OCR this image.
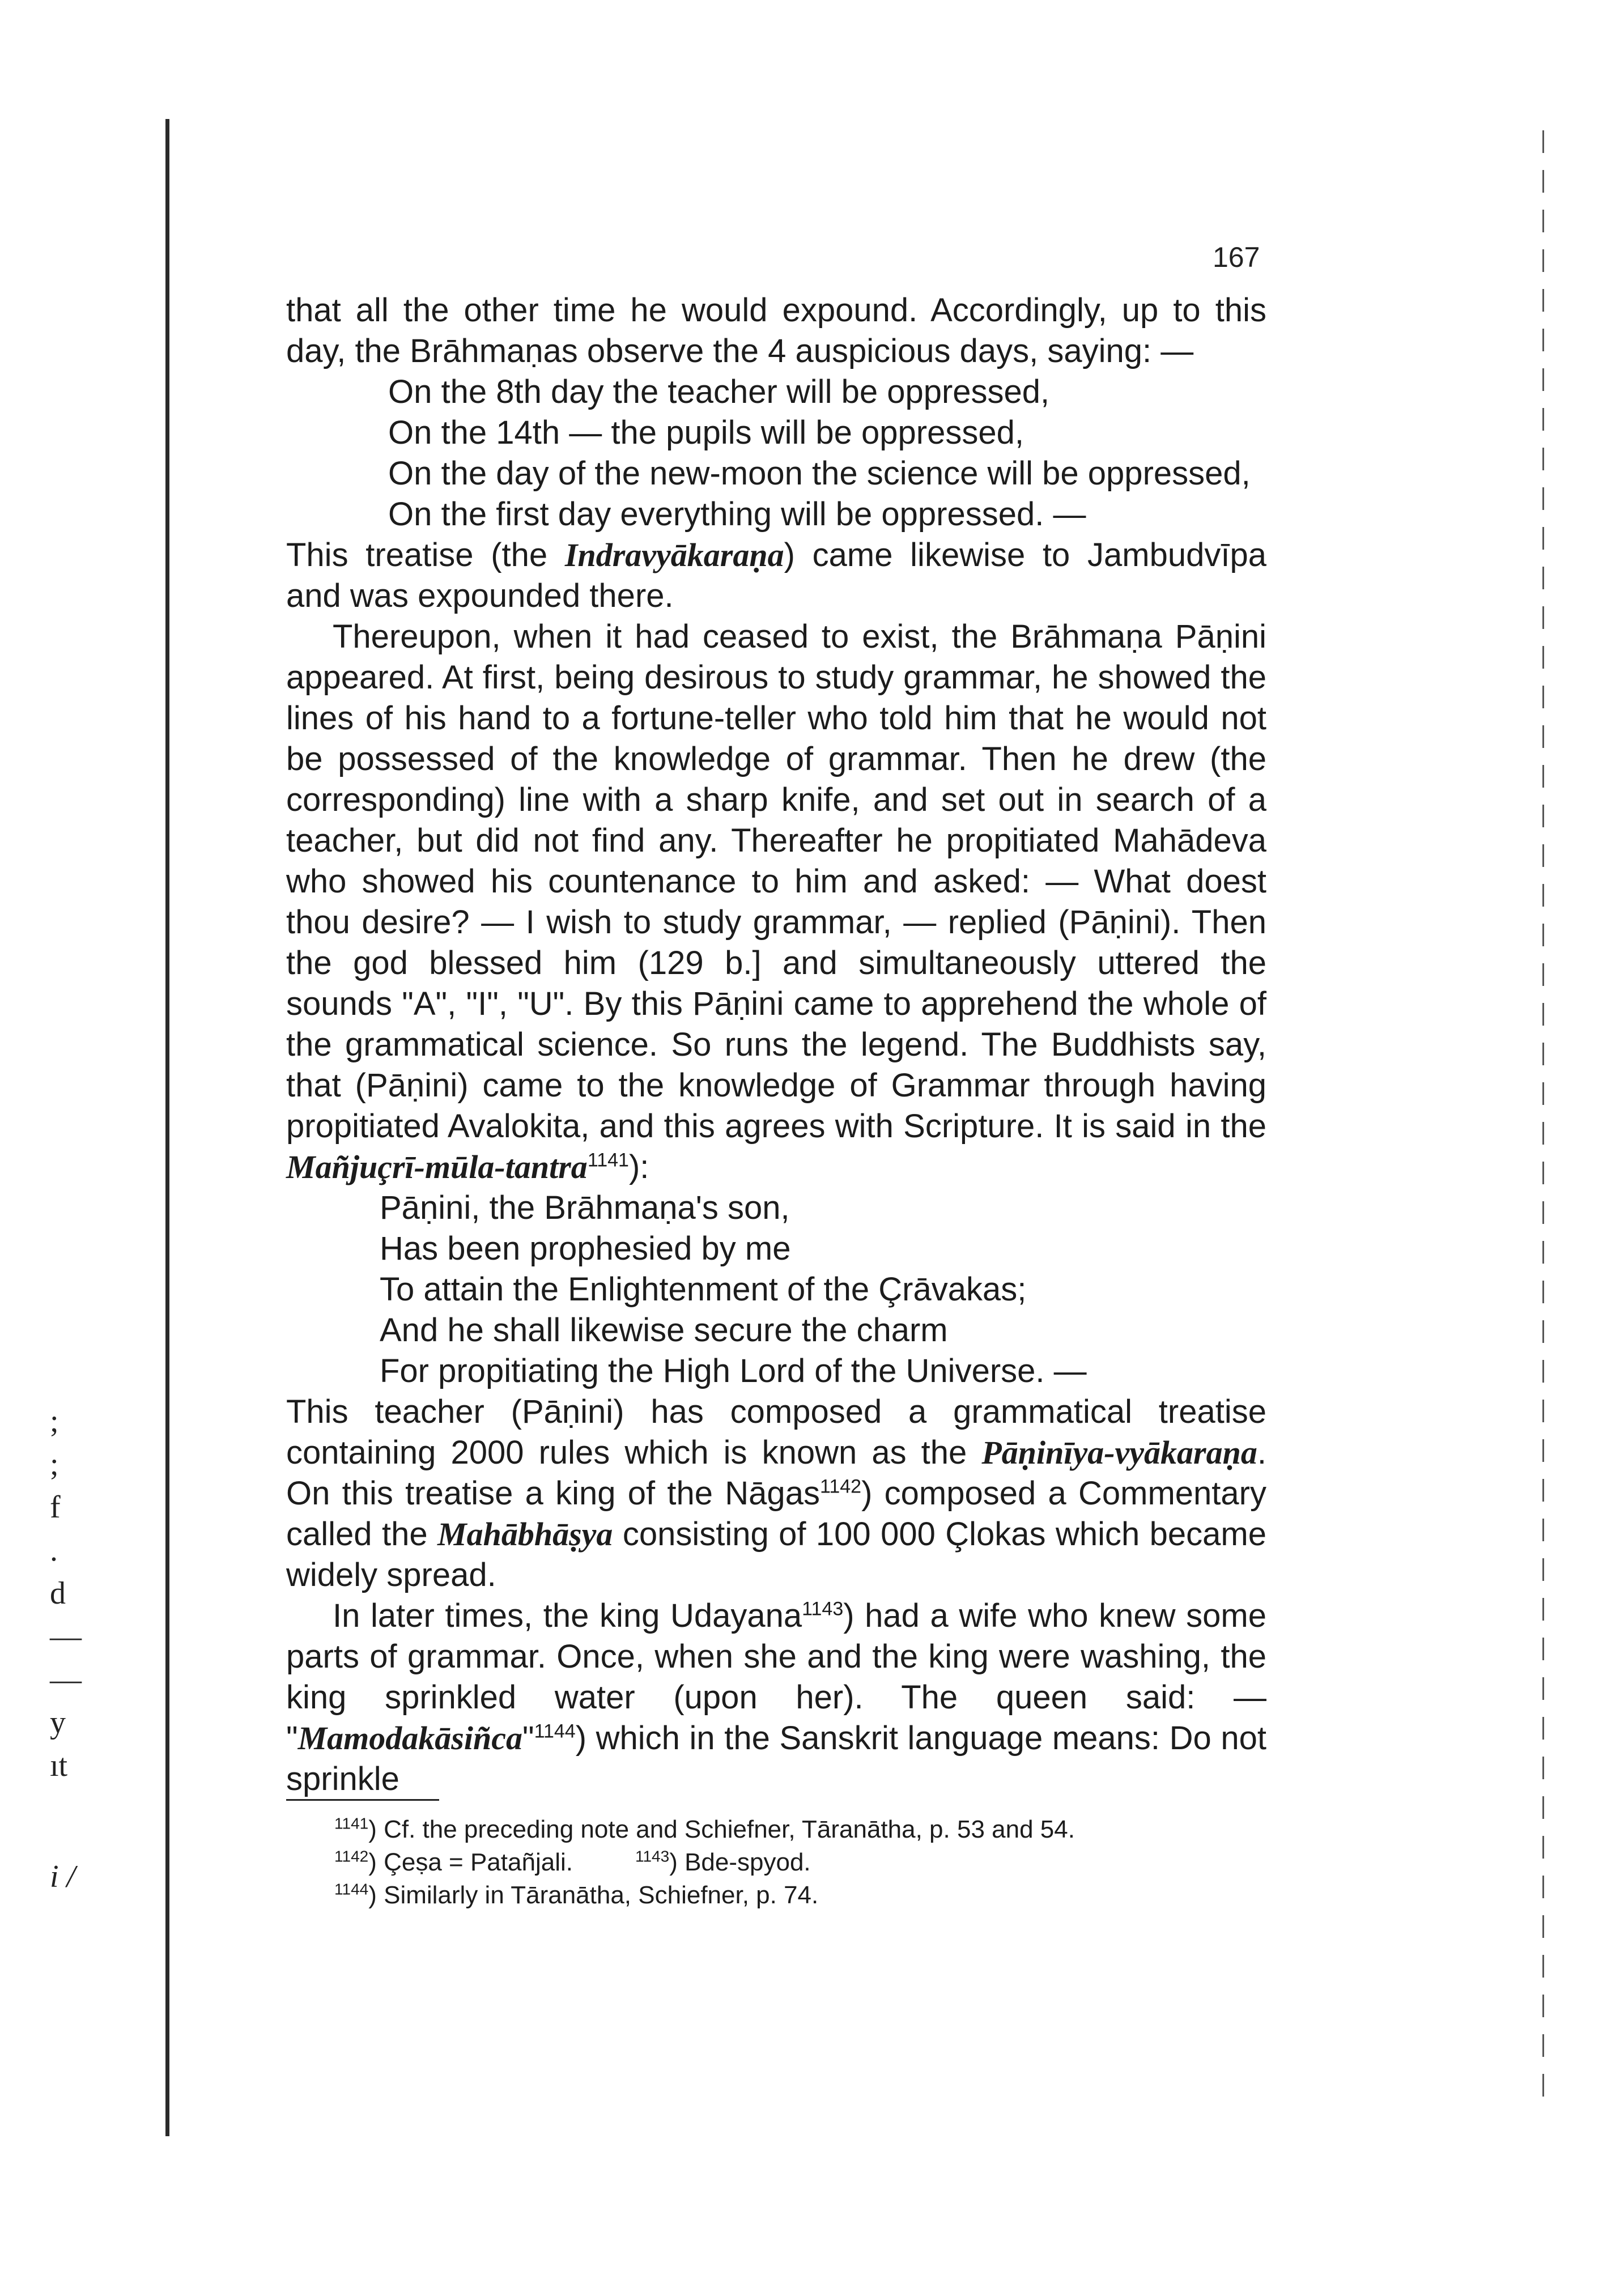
;
;
f
.
d
—
—
y
ıt
i /
167

that all the other time he would expound. Accordingly, up to this day, the Brāhmaṇas observe the 4 auspicious days, saying: —

On the 8th day the teacher will be oppressed,

On the 14th — the pupils will be oppressed,

On the day of the new-moon the science will be oppressed,

On the first day everything will be oppressed. —

This treatise (the Indravyākaraṇa) came likewise to Jambudvīpa and was expounded there.

Thereupon, when it had ceased to exist, the Brāhmaṇa Pāṇini appeared. At first, being desirous to study grammar, he showed the lines of his hand to a fortune-teller who told him that he would not be possessed of the knowledge of grammar. Then he drew (the corresponding) line with a sharp knife, and set out in search of a teacher, but did not find any. Thereafter he propitiated Mahādeva who showed his countenance to him and asked: — What doest thou desire? — I wish to study grammar, — replied (Pāṇini). Then the god blessed him (129 b.] and simultaneously uttered the sounds "A", "I", "U". By this Pāṇini came to apprehend the whole of the grammatical science. So runs the legend. The Buddhists say, that (Pāṇini) came to the knowledge of Grammar through having propitiated Avalokita, and this agrees with Scripture. It is said in the Mañjuçrī-mūla-tantra$^{1141}$):

Pāṇini, the Brāhmaṇa's son,

Has been prophesied by me

To attain the Enlightenment of the Çrāvakas;

And he shall likewise secure the charm

For propitiating the High Lord of the Universe. —

This teacher (Pāṇini) has composed a grammatical treatise containing 2000 rules which is known as the Pāṇinīya-vyākaraṇa. On this treatise a king of the Nāgas$^{1142}$) composed a Commentary called the Mahābhāṣya consisting of 100 000 Çlokas which became widely spread.

In later times, the king Udayana$^{1143}$) had a wife who knew some parts of grammar. Once, when she and the king were washing, the king sprinkled water (upon her). The queen said: — "Mamodakāsiñca"$^{1144}$) which in the Sanskrit language means: Do not sprinkle

$^{1141}$) Cf. the preceding note and Schiefner, Tāranātha, p. 53 and 54.
$^{1142}$) Çeṣa = Patañjali.	$^{1143}$) Bde-spyod.
$^{1144}$) Similarly in Tāranātha, Schiefner, p. 74.
